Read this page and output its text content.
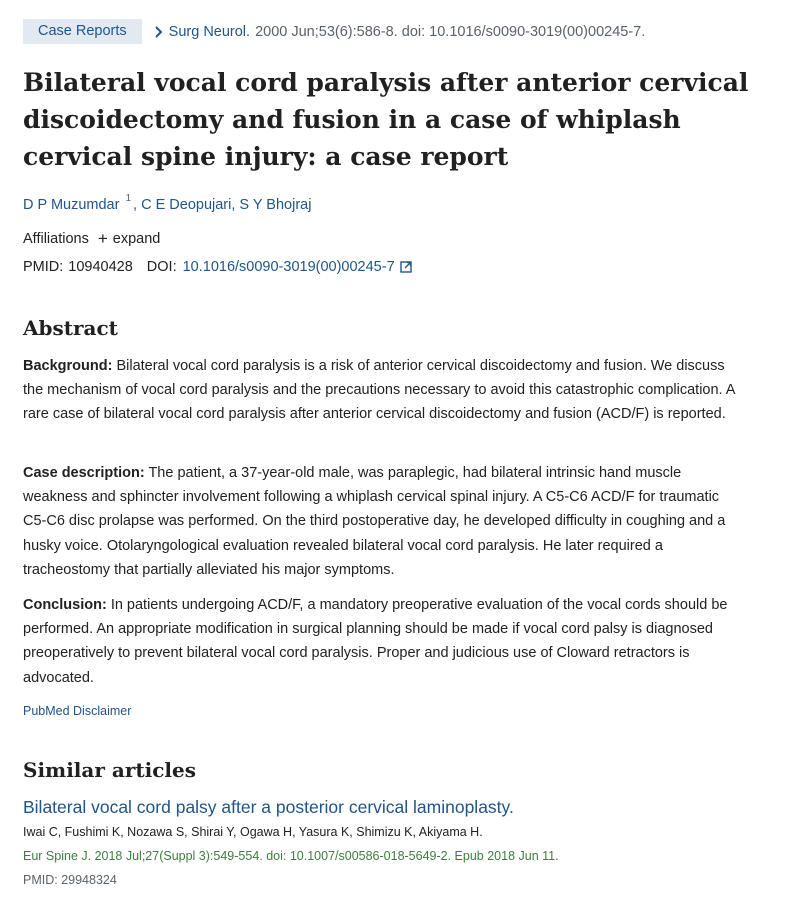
Case Reports	Surg Neurol. 2000 Jun;53(6):586-8. doi: 10.1016/s0090-3019(00)00245-7.
Bilateral vocal cord paralysis after anterior cervical discoidectomy and fusion in a case of whiplash cervical spine injury: a case report
D P Muzumdar $^1$ , C E Deopujari, S Y Bhojraj
Affiliations + expand
PMID: 10940428 DOI: 10.1016/s0090-3019(00)00245-7
Abstract

Background: Bilateral vocal cord paralysis is a risk of anterior cervical discoidectomy and fusion. We discuss the mechanism of vocal cord paralysis and the precautions necessary to avoid this catastrophic complication. A rare case of bilateral vocal cord paralysis after anterior cervical discoidectomy and fusion (ACD/F) is reported.

Case description: The patient, a 37-year-old male, was paraplegic, had bilateral intrinsic hand muscle weakness and sphincter involvement following a whiplash cervical spinal injury. A C5-C6 ACD/F for traumatic C5-C6 disc prolapse was performed. On the third postoperative day, he developed difficulty in coughing and a husky voice. Otolaryngological evaluation revealed bilateral vocal cord paralysis. He later required a tracheostomy that partially alleviated his major symptoms.

Conclusion: In patients undergoing ACD/F, a mandatory preoperative evaluation of the vocal cords should be performed. An appropriate modification in surgical planning should be made if vocal cord palsy is diagnosed preoperatively to prevent bilateral vocal cord paralysis. Proper and judicious use of Cloward retractors is advocated.

PubMed Disclaimer
Similar articles
Bilateral vocal cord palsy after a posterior cervical laminoplasty.
Iwai C, Fushimi K, Nozawa S, Shirai Y, Ogawa H, Yasura K, Shimizu K, Akiyama H.
Eur Spine J. 2018 Jul;27(Suppl 3):549-554. doi: 10.1007/s00586-018-5649-2. Epub 2018 Jun 11.
PMID: 29948324
